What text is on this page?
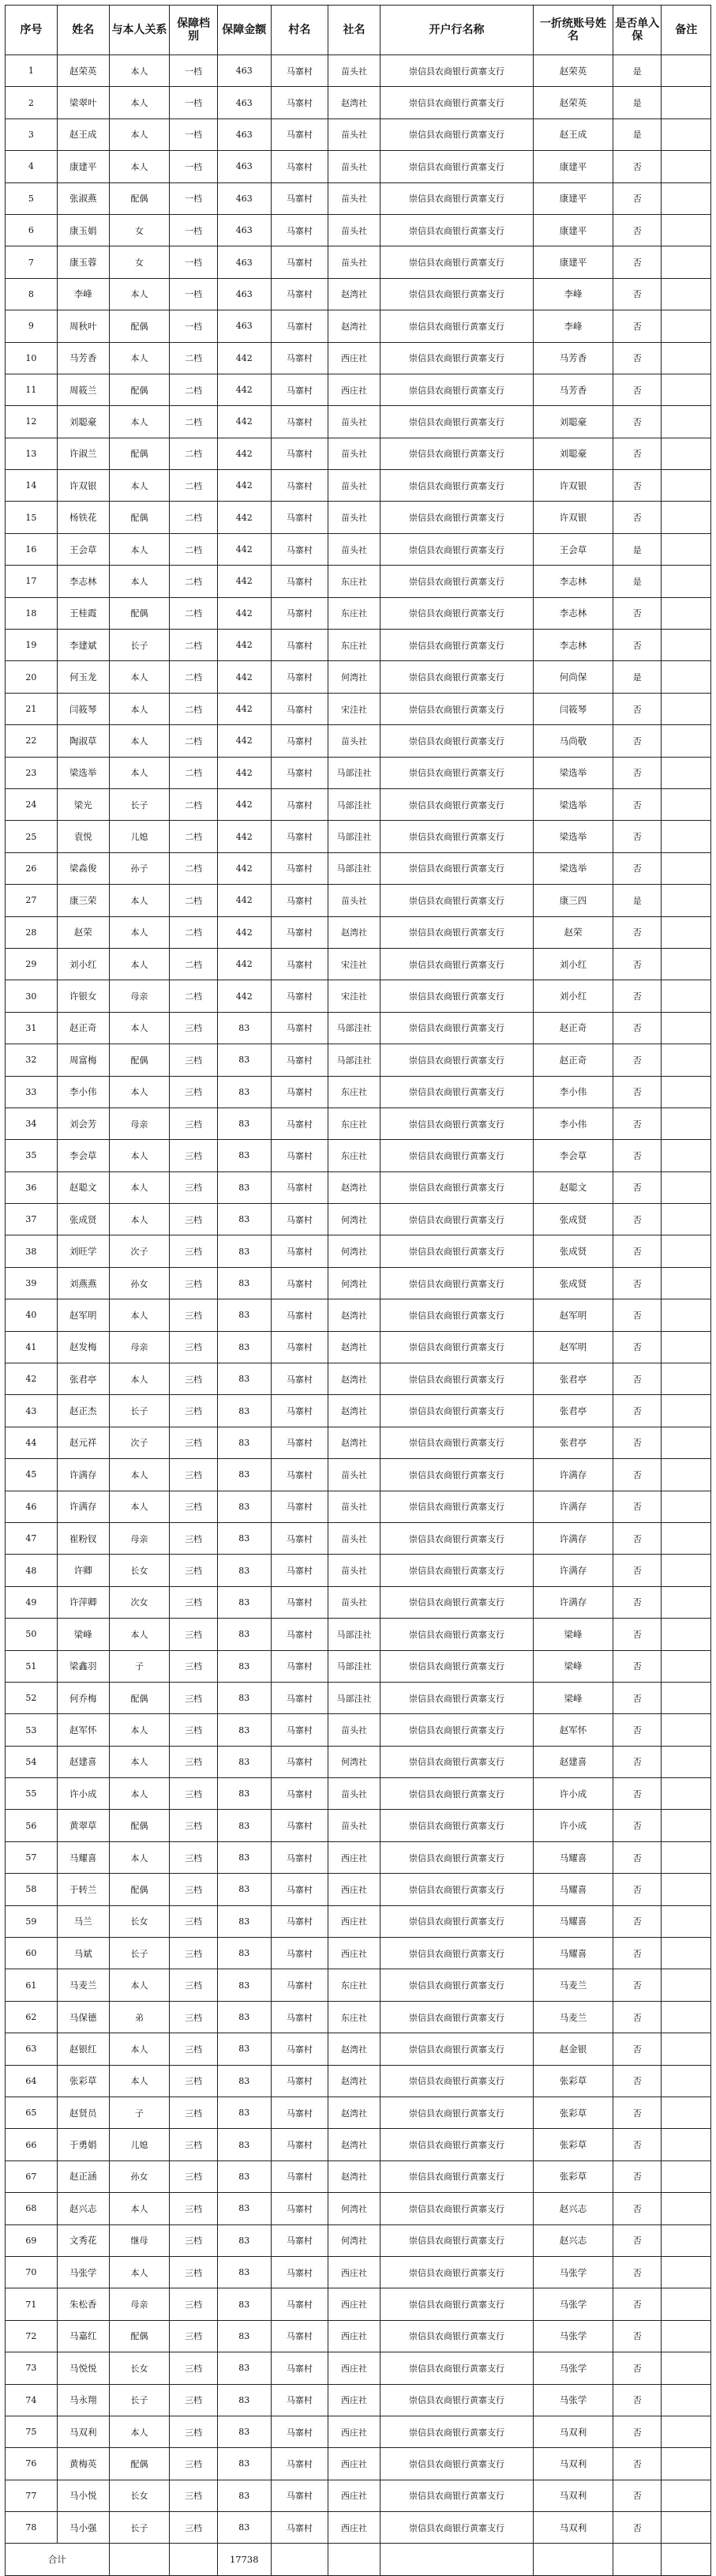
序号	姓名	与本人关系	保障档别	保障金额	村名	社名	开户行名称	一折统账号姓名	是否单入保	备注
1	赵荣英	本人	一档	463	马寨村	苗头社	崇信县农商银行黄寨支行	赵荣英	是	
2	梁翠叶	本人	一档	463	马寨村	赵湾社	崇信县农商银行黄寨支行	赵荣英	是	
3	赵王成	本人	一档	463	马寨村	苗头社	崇信县农商银行黄寨支行	赵王成	是	
4	康建平	本人	一档	463	马寨村	苗头社	崇信县农商银行黄寨支行	康建平	否	
5	张淑燕	配偶	一档	463	马寨村	苗头社	崇信县农商银行黄寨支行	康建平	否	
6	康玉娟	女	一档	463	马寨村	苗头社	崇信县农商银行黄寨支行	康建平	否	
7	康玉蓉	女	一档	463	马寨村	苗头社	崇信县农商银行黄寨支行	康建平	否	
8	李峰	本人	一档	463	马寨村	赵湾社	崇信县农商银行黄寨支行	李峰	否	
9	周秋叶	配偶	一档	463	马寨村	赵湾社	崇信县农商银行黄寨支行	李峰	否	
10	马芳香	本人	二档	442	马寨村	西庄社	崇信县农商银行黄寨支行	马芳香	否	
11	周筱兰	配偶	二档	442	马寨村	西庄社	崇信县农商银行黄寨支行	马芳香	否	
12	刘聪豪	本人	二档	442	马寨村	苗头社	崇信县农商银行黄寨支行	刘聪豪	否	
13	许淑兰	配偶	二档	442	马寨村	苗头社	崇信县农商银行黄寨支行	刘聪豪	否	
14	许双银	本人	二档	442	马寨村	苗头社	崇信县农商银行黄寨支行	许双银	否	
15	杨铁花	配偶	二档	442	马寨村	苗头社	崇信县农商银行黄寨支行	许双银	否	
16	王会草	本人	二档	442	马寨村	苗头社	崇信县农商银行黄寨支行	王会草	是	
17	李志林	本人	二档	442	马寨村	东庄社	崇信县农商银行黄寨支行	李志林	是	
18	王桂霞	配偶	二档	442	马寨村	东庄社	崇信县农商银行黄寨支行	李志林	否	
19	李建斌	长子	二档	442	马寨村	东庄社	崇信县农商银行黄寨支行	李志林	否	
20	何玉龙	本人	二档	442	马寨村	何湾社	崇信县农商银行黄寨支行	何尚保	是	
21	闫筱琴	本人	二档	442	马寨村	宋洼社	崇信县农商银行黄寨支行	闫筱琴	否	
22	陶淑草	本人	二档	442	马寨村	苗头社	崇信县农商银行黄寨支行	马尚敬	否	
23	梁选举	本人	二档	442	马寨村	马部洼社	崇信县农商银行黄寨支行	梁选举	否	
24	梁光	长子	二档	442	马寨村	马部洼社	崇信县农商银行黄寨支行	梁选举	否	
25	袁悦	儿媳	二档	442	马寨村	马部洼社	崇信县农商银行黄寨支行	梁选举	否	
26	梁淼俊	孙子	二档	442	马寨村	马部洼社	崇信县农商银行黄寨支行	梁选举	否	
27	康三荣	本人	二档	442	马寨村	苗头社	崇信县农商银行黄寨支行	康三四	是	
28	赵荣	本人	二档	442	马寨村	赵湾社	崇信县农商银行黄寨支行	赵荣	否	
29	刘小红	本人	二档	442	马寨村	宋洼社	崇信县农商银行黄寨支行	刘小红	否	
30	许银女	母亲	二档	442	马寨村	宋洼社	崇信县农商银行黄寨支行	刘小红	否	
31	赵正奇	本人	三档	83	马寨村	马部洼社	崇信县农商银行黄寨支行	赵正奇	否	
32	周富梅	配偶	三档	83	马寨村	马部洼社	崇信县农商银行黄寨支行	赵正奇	否	
33	李小伟	本人	三档	83	马寨村	东庄社	崇信县农商银行黄寨支行	李小伟	否	
34	刘会芳	母亲	三档	83	马寨村	东庄社	崇信县农商银行黄寨支行	李小伟	否	
35	李会草	本人	三档	83	马寨村	东庄社	崇信县农商银行黄寨支行	李会草	否	
36	赵聪文	本人	三档	83	马寨村	赵湾社	崇信县农商银行黄寨支行	赵聪文	否	
37	张成贤	本人	三档	83	马寨村	何湾社	崇信县农商银行黄寨支行	张成贤	否	
38	刘旺学	次子	三档	83	马寨村	何湾社	崇信县农商银行黄寨支行	张成贤	否	
39	刘燕燕	孙女	三档	83	马寨村	何湾社	崇信县农商银行黄寨支行	张成贤	否	
40	赵军明	本人	三档	83	马寨村	赵湾社	崇信县农商银行黄寨支行	赵军明	否	
41	赵发梅	母亲	三档	83	马寨村	赵湾社	崇信县农商银行黄寨支行	赵军明	否	
42	张君亭	本人	三档	83	马寨村	赵湾社	崇信县农商银行黄寨支行	张君亭	否	
43	赵正杰	长子	三档	83	马寨村	赵湾社	崇信县农商银行黄寨支行	张君亭	否	
44	赵元祥	次子	三档	83	马寨村	赵湾社	崇信县农商银行黄寨支行	张君亭	否	
45	许满存	本人	三档	83	马寨村	苗头社	崇信县农商银行黄寨支行	许满存	否	
46	许满存	本人	三档	83	马寨村	苗头社	崇信县农商银行黄寨支行	许满存	否	
47	崔粉钗	母亲	三档	83	马寨村	苗头社	崇信县农商银行黄寨支行	许满存	否	
48	许卿	长女	三档	83	马寨村	苗头社	崇信县农商银行黄寨支行	许满存	否	
49	许萍卿	次女	三档	83	马寨村	苗头社	崇信县农商银行黄寨支行	许满存	否	
50	梁峰	本人	三档	83	马寨村	马部洼社	崇信县农商银行黄寨支行	梁峰	否	
51	梁鑫羽	子	三档	83	马寨村	马部洼社	崇信县农商银行黄寨支行	梁峰	否	
52	何乔梅	配偶	三档	83	马寨村	马部洼社	崇信县农商银行黄寨支行	梁峰	否	
53	赵军怀	本人	三档	83	马寨村	苗头社	崇信县农商银行黄寨支行	赵军怀	否	
54	赵建喜	本人	三档	83	马寨村	何湾社	崇信县农商银行黄寨支行	赵建喜	否	
55	许小成	本人	三档	83	马寨村	苗头社	崇信县农商银行黄寨支行	许小成	否	
56	黄翠草	配偶	三档	83	马寨村	苗头社	崇信县农商银行黄寨支行	许小成	否	
57	马耀喜	本人	三档	83	马寨村	西庄社	崇信县农商银行黄寨支行	马耀喜	否	
58	于转兰	配偶	三档	83	马寨村	西庄社	崇信县农商银行黄寨支行	马耀喜	否	
59	马兰	长女	三档	83	马寨村	西庄社	崇信县农商银行黄寨支行	马耀喜	否	
60	马斌	长子	三档	83	马寨村	西庄社	崇信县农商银行黄寨支行	马耀喜	否	
61	马麦兰	本人	三档	83	马寨村	东庄社	崇信县农商银行黄寨支行	马麦兰	否	
62	马保德	弟	三档	83	马寨村	东庄社	崇信县农商银行黄寨支行	马麦兰	否	
63	赵银红	本人	三档	83	马寨村	赵湾社	崇信县农商银行黄寨支行	赵金银	否	
64	张彩草	本人	三档	83	马寨村	赵湾社	崇信县农商银行黄寨支行	张彩草	否	
65	赵贤员	子	三档	83	马寨村	赵湾社	崇信县农商银行黄寨支行	张彩草	否	
66	于勇娟	儿媳	三档	83	马寨村	赵湾社	崇信县农商银行黄寨支行	张彩草	否	
67	赵正涵	孙女	三档	83	马寨村	赵湾社	崇信县农商银行黄寨支行	张彩草	否	
68	赵兴志	本人	三档	83	马寨村	何湾社	崇信县农商银行黄寨支行	赵兴志	否	
69	文秀花	继母	三档	83	马寨村	何湾社	崇信县农商银行黄寨支行	赵兴志	否	
70	马张学	本人	三档	83	马寨村	西庄社	崇信县农商银行黄寨支行	马张学	否	
71	朱松香	母亲	三档	83	马寨村	西庄社	崇信县农商银行黄寨支行	马张学	否	
72	马嘉红	配偶	三档	83	马寨村	西庄社	崇信县农商银行黄寨支行	马张学	否	
73	马悦悦	长女	三档	83	马寨村	西庄社	崇信县农商银行黄寨支行	马张学	否	
74	马永翔	长子	三档	83	马寨村	西庄社	崇信县农商银行黄寨支行	马张学	否	
75	马双利	本人	三档	83	马寨村	西庄社	崇信县农商银行黄寨支行	马双利	否	
76	黄梅英	配偶	三档	83	马寨村	西庄社	崇信县农商银行黄寨支行	马双利	否	
77	马小悦	长女	三档	83	马寨村	西庄社	崇信县农商银行黄寨支行	马双利	否	
78	马小强	长子	三档	83	马寨村	西庄社	崇信县农商银行黄寨支行	马双利	否	
合计				17738						
